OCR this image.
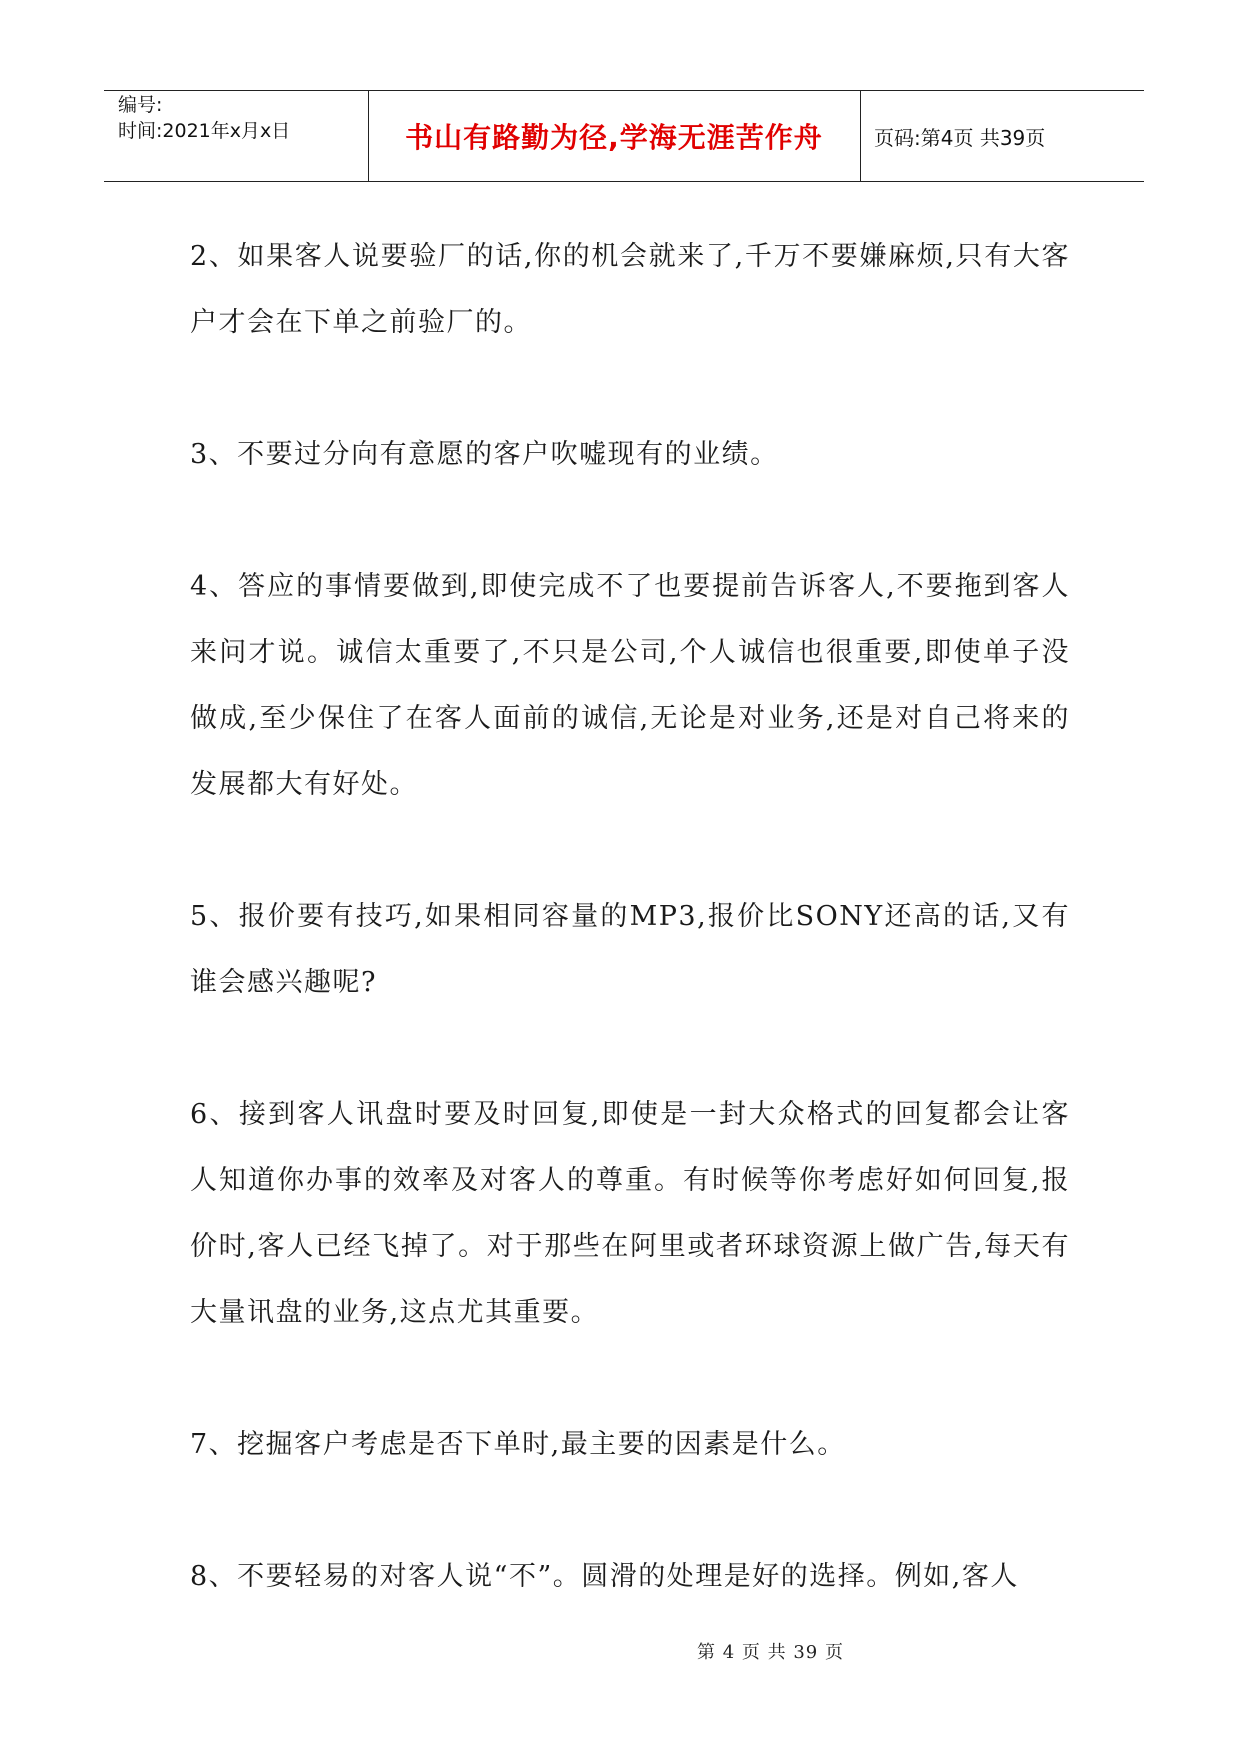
编号:
时间:2021年x月x日	书山有路勤为径,学海无涯苦作舟	页码:第4页 共39页

2、如果客人说要验厂的话,你的机会就来了,千万不要嫌麻烦,只有大客户才会在下单之前验厂的。

3、不要过分向有意愿的客户吹嘘现有的业绩。

4、答应的事情要做到,即使完成不了也要提前告诉客人,不要拖到客人来问才说。诚信太重要了,不只是公司,个人诚信也很重要,即使单子没做成,至少保住了在客人面前的诚信,无论是对业务,还是对自己将来的发展都大有好处。

5、报价要有技巧,如果相同容量的MP3,报价比SONY还高的话,又有谁会感兴趣呢?

6、接到客人讯盘时要及时回复,即使是一封大众格式的回复都会让客人知道你办事的效率及对客人的尊重。有时候等你考虑好如何回复,报价时,客人已经飞掉了。对于那些在阿里或者环球资源上做广告,每天有大量讯盘的业务,这点尤其重要。

7、挖掘客户考虑是否下单时,最主要的因素是什么。

8、不要轻易的对客人说“不”。圆滑的处理是好的选择。例如,客人

第 4 页 共 39 页
